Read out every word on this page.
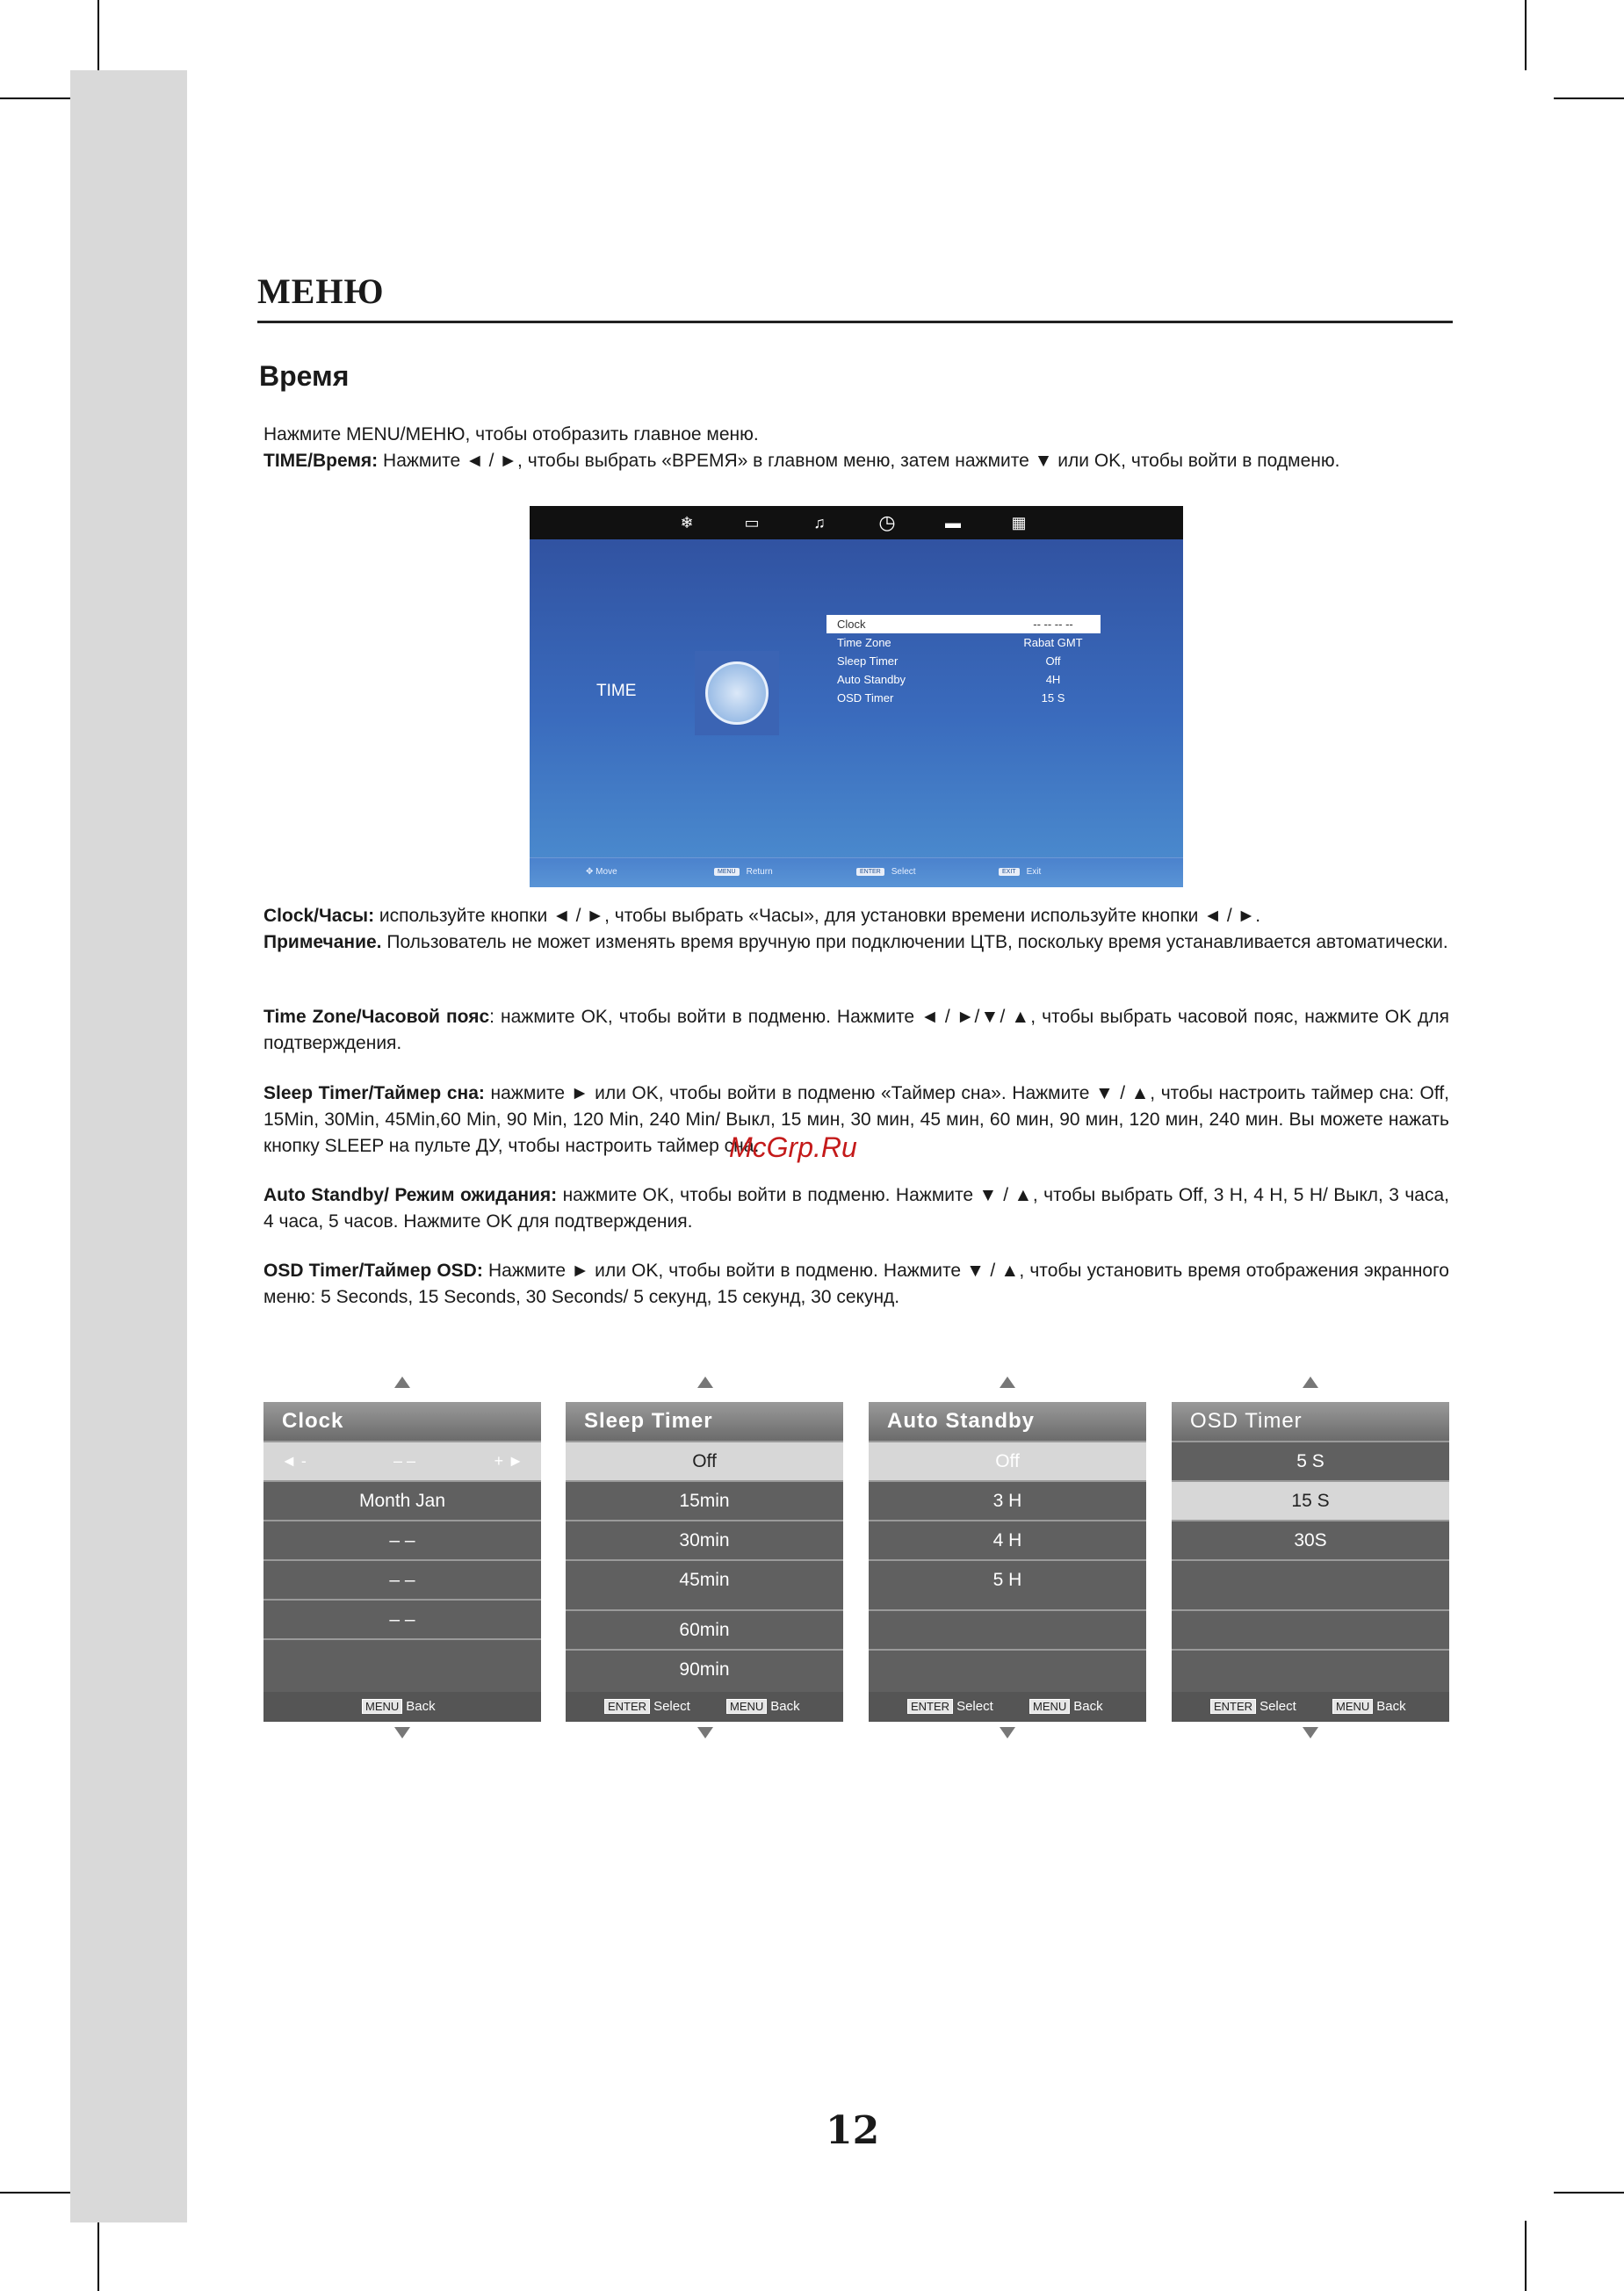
МЕНЮ
Время
Нажмите MENU/МЕНЮ, чтобы отобразить главное меню.
TIME/Время: Нажмите ◄ / ►, чтобы выбрать «ВРЕМЯ» в главном меню, затем нажмите ▼ или OK, чтобы войти в подменю.
❄	▭	♫	◷	▬	▦
TIME
Clock	-- -- -- --
Time Zone	Rabat GMT
Sleep Timer	Off
Auto Standby	4H
OSD Timer	15 S
✥ Move	MENU Return	ENTER Select	EXIT Exit
Clock/Часы: используйте кнопки ◄ / ►, чтобы выбрать «Часы», для установки времени используйте кнопки ◄ / ►.
Примечание. Пользователь не может изменять время вручную при подключении ЦТВ, поскольку время устанавливается автоматически.
Time Zone/Часовой пояс: нажмите OK, чтобы войти в подменю. Нажмите ◄ / ►/▼/ ▲, чтобы выбрать часовой пояс, нажмите OK для подтверждения.
Sleep Timer/Таймер сна: нажмите ► или OK, чтобы войти в подменю «Таймер сна». Нажмите ▼ / ▲, чтобы настроить таймер сна: Off, 15Min, 30Min, 45Min,60 Min, 90 Min, 120 Min, 240 Min/ Выкл, 15 мин, 30 мин, 45 мин, 60 мин, 90 мин, 120 мин, 240 мин. Вы можете нажать кнопку SLEEP на пульте ДУ, чтобы настроить таймер сна.
Auto Standby/ Режим ожидания: нажмите OK, чтобы войти в подменю. Нажмите ▼ / ▲, чтобы выбрать Off, 3 H, 4 H, 5 H/ Выкл, 3 часа, 4 часа, 5 часов. Нажмите OK для подтверждения.
OSD Timer/Таймер OSD: Нажмите ► или OK, чтобы войти в подменю. Нажмите ▼ / ▲, чтобы установить время отображения экранного меню: 5 Seconds, 15 Seconds, 30 Seconds/ 5 секунд, 15 секунд, 30 секунд.
McGrp.Ru
Clock
◄ -	– –	+ ►
Month Jan
– –
– –
– –
MENU Back
Sleep Timer
Off
15min
30min
45min
60min
90min
ENTER Select	MENU Back
Auto Standby
Off
3 H
4 H
5 H
ENTER Select	MENU Back
OSD Timer
5 S
15 S
30S
ENTER Select	MENU Back
12
